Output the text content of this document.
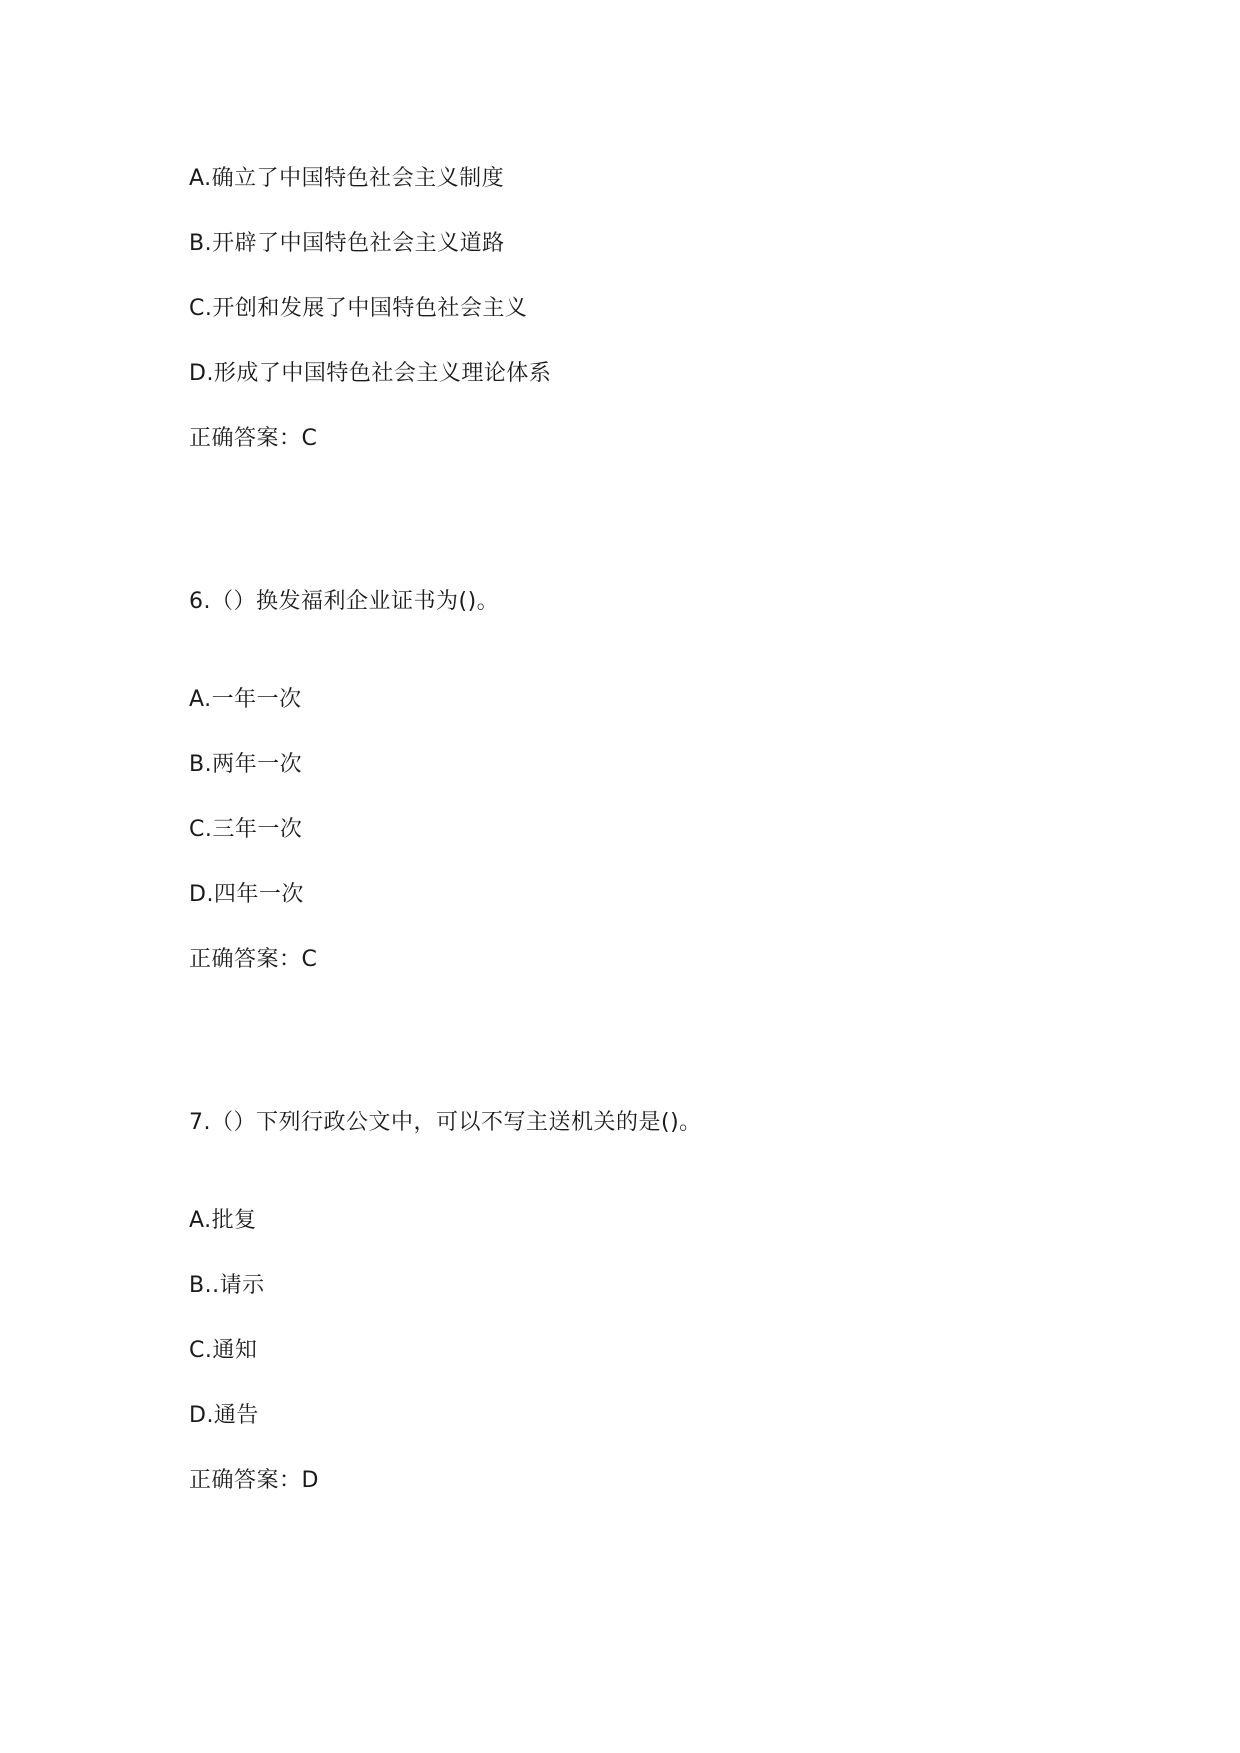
A.确立了中国特色社会主义制度
B.开辟了中国特色社会主义道路
C.开创和发展了中国特色社会主义
D.形成了中国特色社会主义理论体系
正确答案：C
6.（）换发福利企业证书为()。
A.一年一次
B.两年一次
C.三年一次
D.四年一次
正确答案：C
7.（）下列行政公文中，可以不写主送机关的是()。
A.批复
B..请示
C.通知
D.通告
正确答案：D
